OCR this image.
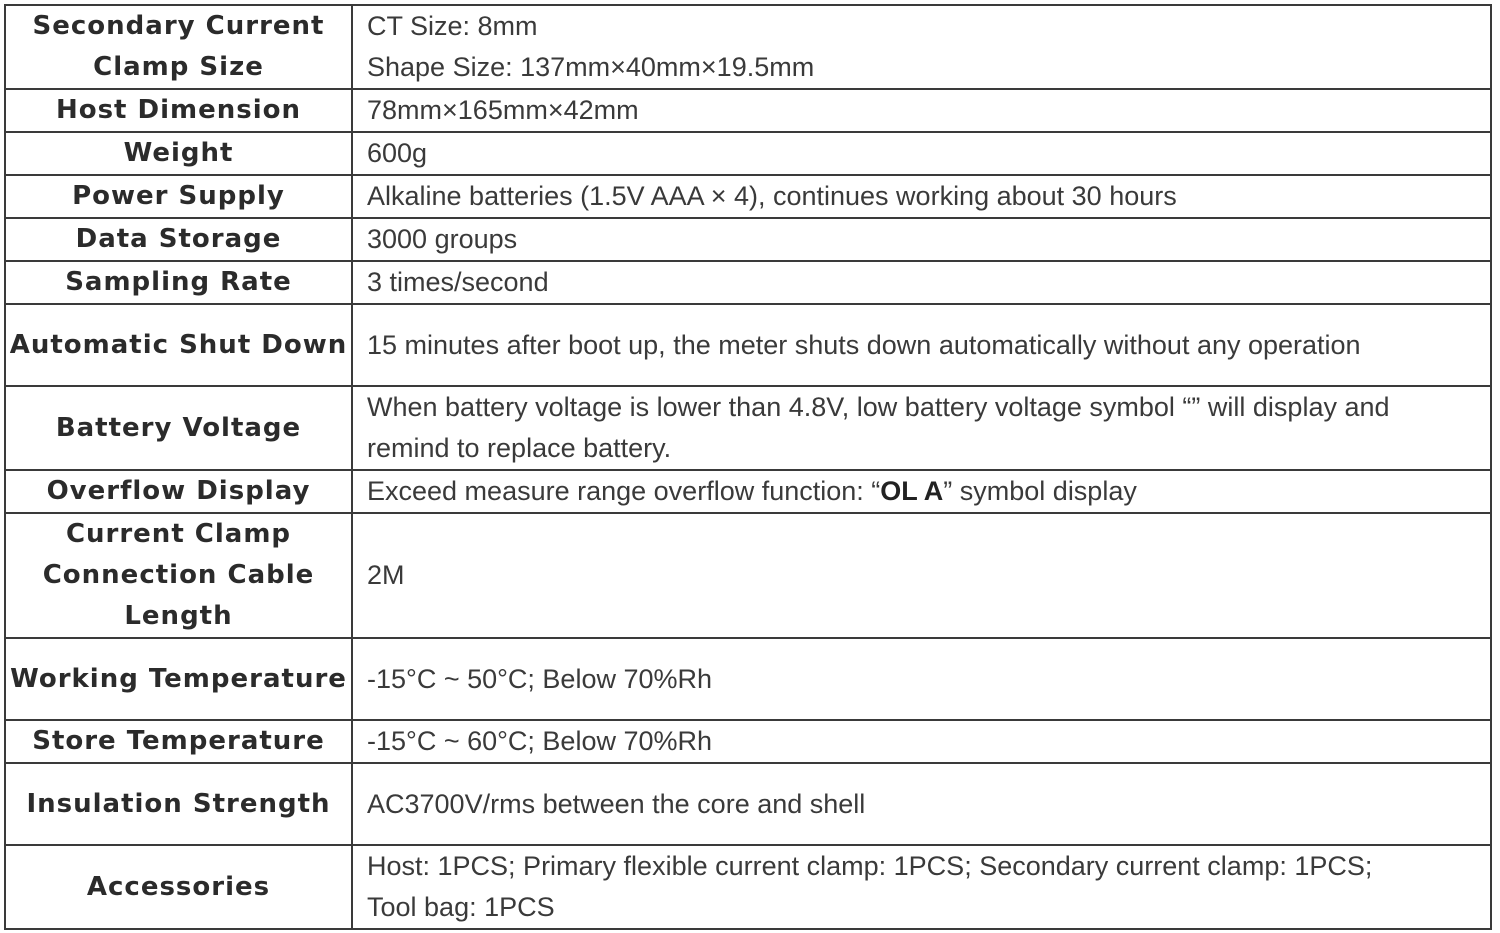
Secondary Current
Clamp Size	CT Size: 8mm
Shape Size: 137mm×40mm×19.5mm

Host Dimension	78mm×165mm×42mm
Weight	600g
Power Supply	Alkaline batteries (1.5V AAA × 4), continues working about 30 hours
Data Storage	3000 groups
Sampling Rate	3 times/second
Automatic Shut Down	15 minutes after boot up, the meter shuts down automatically without any operation
Battery Voltage	When battery voltage is lower than 4.8V, low battery voltage symbol “” will display and
remind to replace battery.

Overflow Display	Exceed measure range overflow function: “OL A” symbol display

Current Clamp
Connection Cable
Length	2M
Working Temperature	-15°C ~ 50°C; Below 70%Rh
Store Temperature	-15°C ~ 60°C; Below 70%Rh
Insulation Strength	AC3700V/rms between the core and shell
Accessories	Host: 1PCS; Primary flexible current clamp: 1PCS; Secondary current clamp: 1PCS;
Tool bag: 1PCS
